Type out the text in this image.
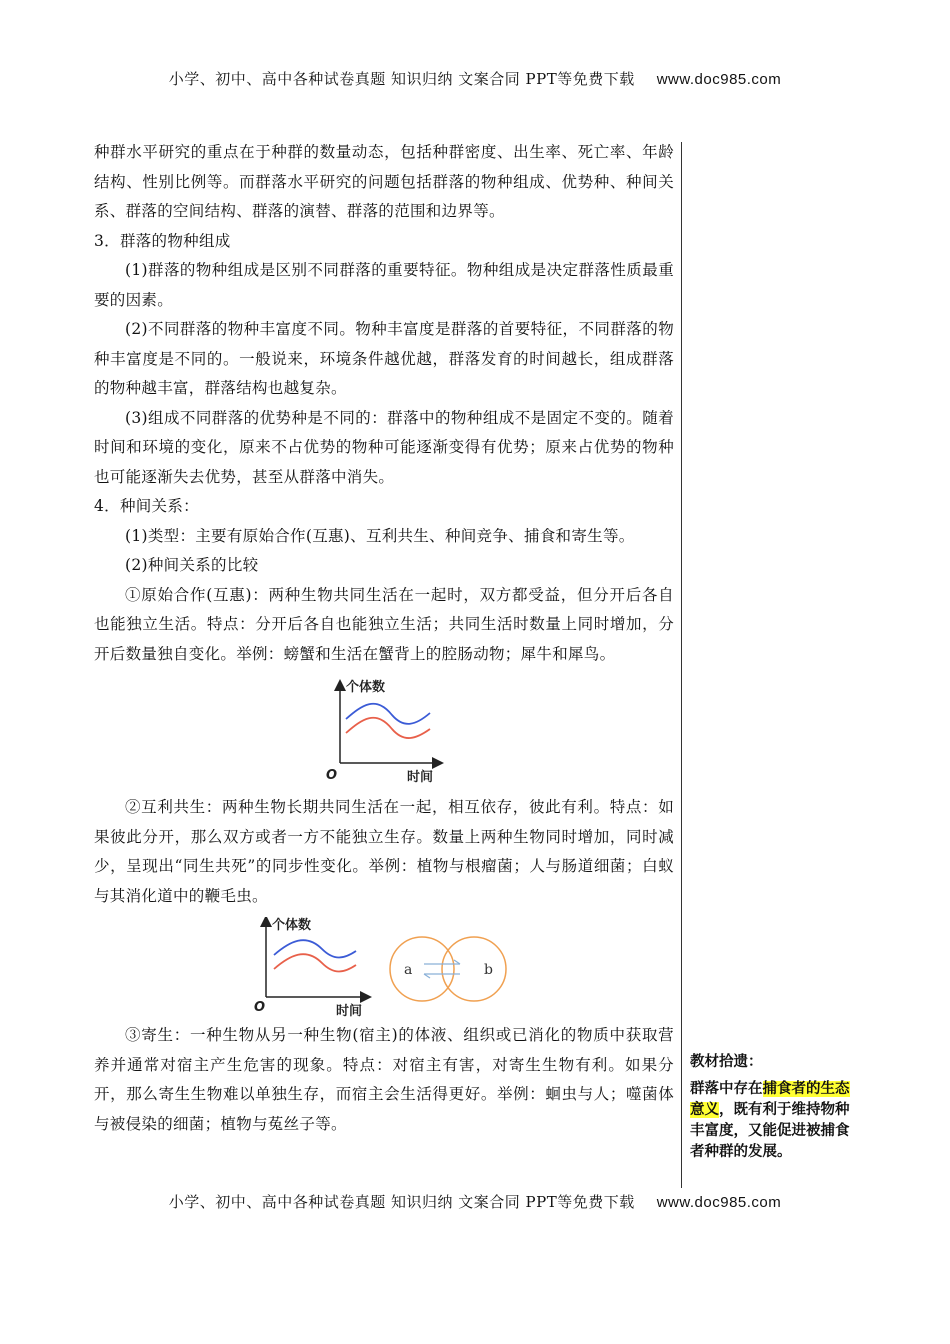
小学、初中、高中各种试卷真题 知识归纳 文案合同 PPT等免费下载 www.doc985.com

种群水平研究的重点在于种群的数量动态，包括种群密度、出生率、死亡率、年龄结构、性别比例等。而群落水平研究的问题包括群落的物种组成、优势种、种间关系、群落的空间结构、群落的演替、群落的范围和边界等。

3．群落的物种组成

(1)群落的物种组成是区别不同群落的重要特征。物种组成是决定群落性质最重要的因素。

(2)不同群落的物种丰富度不同。物种丰富度是群落的首要特征，不同群落的物种丰富度是不同的。一般说来，环境条件越优越，群落发育的时间越长，组成群落的物种越丰富，群落结构也越复杂。

(3)组成不同群落的优势种是不同的：群落中的物种组成不是固定不变的。随着时间和环境的变化，原来不占优势的物种可能逐渐变得有优势；原来占优势的物种也可能逐渐失去优势，甚至从群落中消失。

4．种间关系：

(1)类型：主要有原始合作(互惠)、互利共生、种间竞争、捕食和寄生等。

(2)种间关系的比较

①原始合作(互惠)：两种生物共同生活在一起时，双方都受益，但分开后各自也能独立生活。特点：分开后各自也能独立生活；共同生活时数量上同时增加，分开后数量独自变化。举例：螃蟹和生活在蟹背上的腔肠动物；犀牛和犀鸟。

个体数
时间
O

②互利共生：两种生物长期共同生活在一起，相互依存，彼此有利。特点：如果彼此分开，那么双方或者一方不能独立生存。数量上两种生物同时增加，同时减少，呈现出“同生共死”的同步性变化。举例：植物与根瘤菌；人与肠道细菌；白蚁与其消化道中的鞭毛虫。

个体数
时间
O
a	b

③寄生：一种生物从另一种生物(宿主)的体液、组织或已消化的物质中获取营养并通常对宿主产生危害的现象。特点：对宿主有害，对寄生生物有利。如果分开，那么寄生生物难以单独生存，而宿主会生活得更好。举例：蛔虫与人；噬菌体与被侵染的细菌；植物与菟丝子等。

教材拾遗：
群落中存在捕食者的生态意义，既有利于维持物种丰富度，又能促进被捕食者种群的发展。
小学、初中、高中各种试卷真题 知识归纳 文案合同 PPT等免费下载 www.doc985.com
